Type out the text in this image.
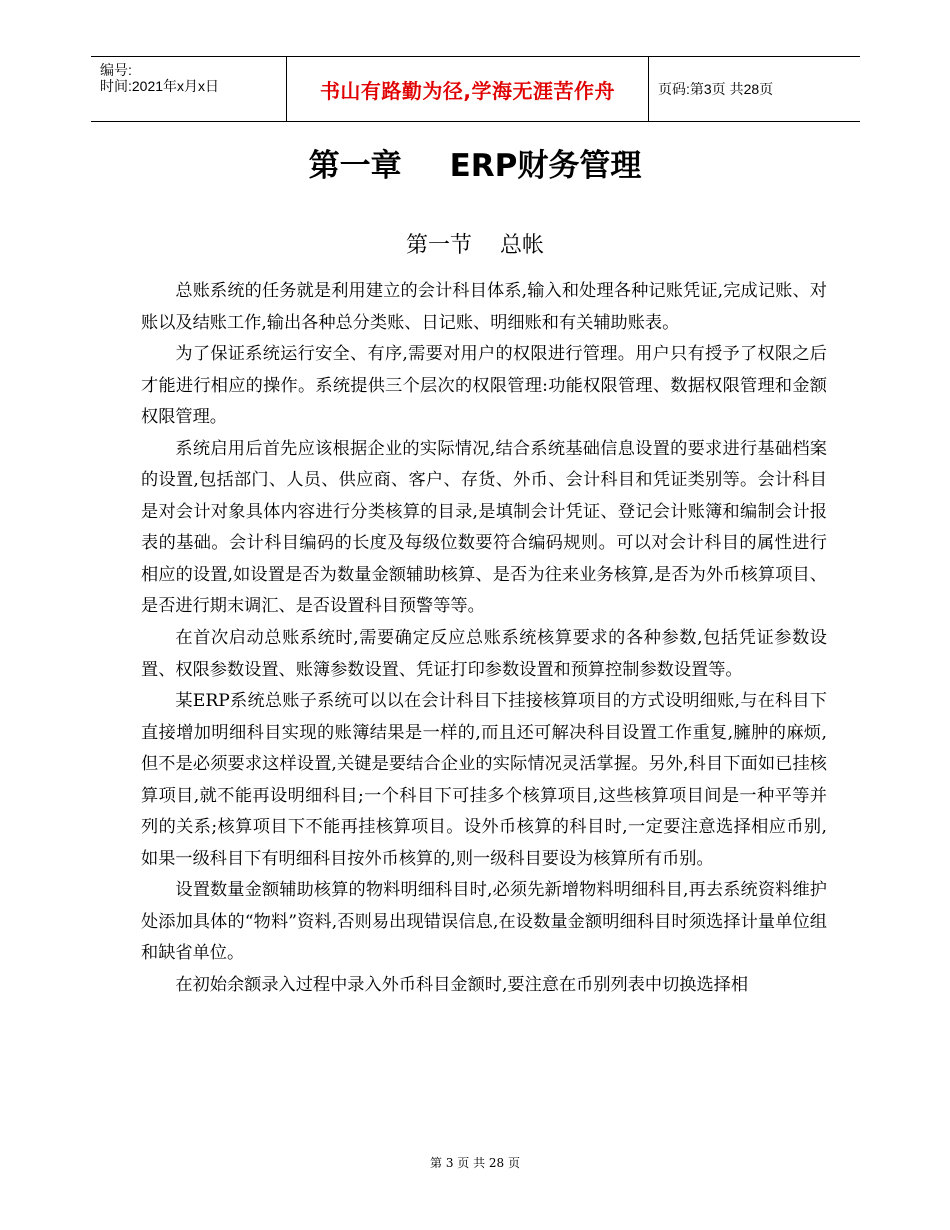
编号:
时间:2021年x月x日	书山有路勤为径,学海无涯苦作舟	页码:第3页 共28页
第一章 ERP财务管理
第一节 总帐

总账系统的任务就是利用建立的会计科目体系,输入和处理各种记账凭证,完成记账、对账以及结账工作,输出各种总分类账、日记账、明细账和有关辅助账表。

为了保证系统运行安全、有序,需要对用户的权限进行管理。用户只有授予了权限之后才能进行相应的操作。系统提供三个层次的权限管理:功能权限管理、数据权限管理和金额权限管理。

系统启用后首先应该根据企业的实际情况,结合系统基础信息设置的要求进行基础档案的设置,包括部门、人员、供应商、客户、存货、外币、会计科目和凭证类别等。会计科目是对会计对象具体内容进行分类核算的目录,是填制会计凭证、登记会计账簿和编制会计报表的基础。会计科目编码的长度及每级位数要符合编码规则。可以对会计科目的属性进行相应的设置,如设置是否为数量金额辅助核算、是否为往来业务核算,是否为外币核算项目、是否进行期末调汇、是否设置科目预警等等。

在首次启动总账系统时,需要确定反应总账系统核算要求的各种参数,包括凭证参数设置、权限参数设置、账簿参数设置、凭证打印参数设置和预算控制参数设置等。

某ERP系统总账子系统可以以在会计科目下挂接核算项目的方式设明细账,与在科目下直接增加明细科目实现的账簿结果是一样的,而且还可解决科目设置工作重复,臃肿的麻烦,但不是必须要求这样设置,关键是要结合企业的实际情况灵活掌握。另外,科目下面如已挂核算项目,就不能再设明细科目;一个科目下可挂多个核算项目,这些核算项目间是一种平等并列的关系;核算项目下不能再挂核算项目。设外币核算的科目时,一定要注意选择相应币别,如果一级科目下有明细科目按外币核算的,则一级科目要设为核算所有币别。

设置数量金额辅助核算的物料明细科目时,必须先新增物料明细科目,再去系统资料维护处添加具体的“物料”资料,否则易出现错误信息,在设数量金额明细科目时须选择计量单位组和缺省单位。

在初始余额录入过程中录入外币科目金额时,要注意在币别列表中切换选择相

第 3 页 共 28 页
